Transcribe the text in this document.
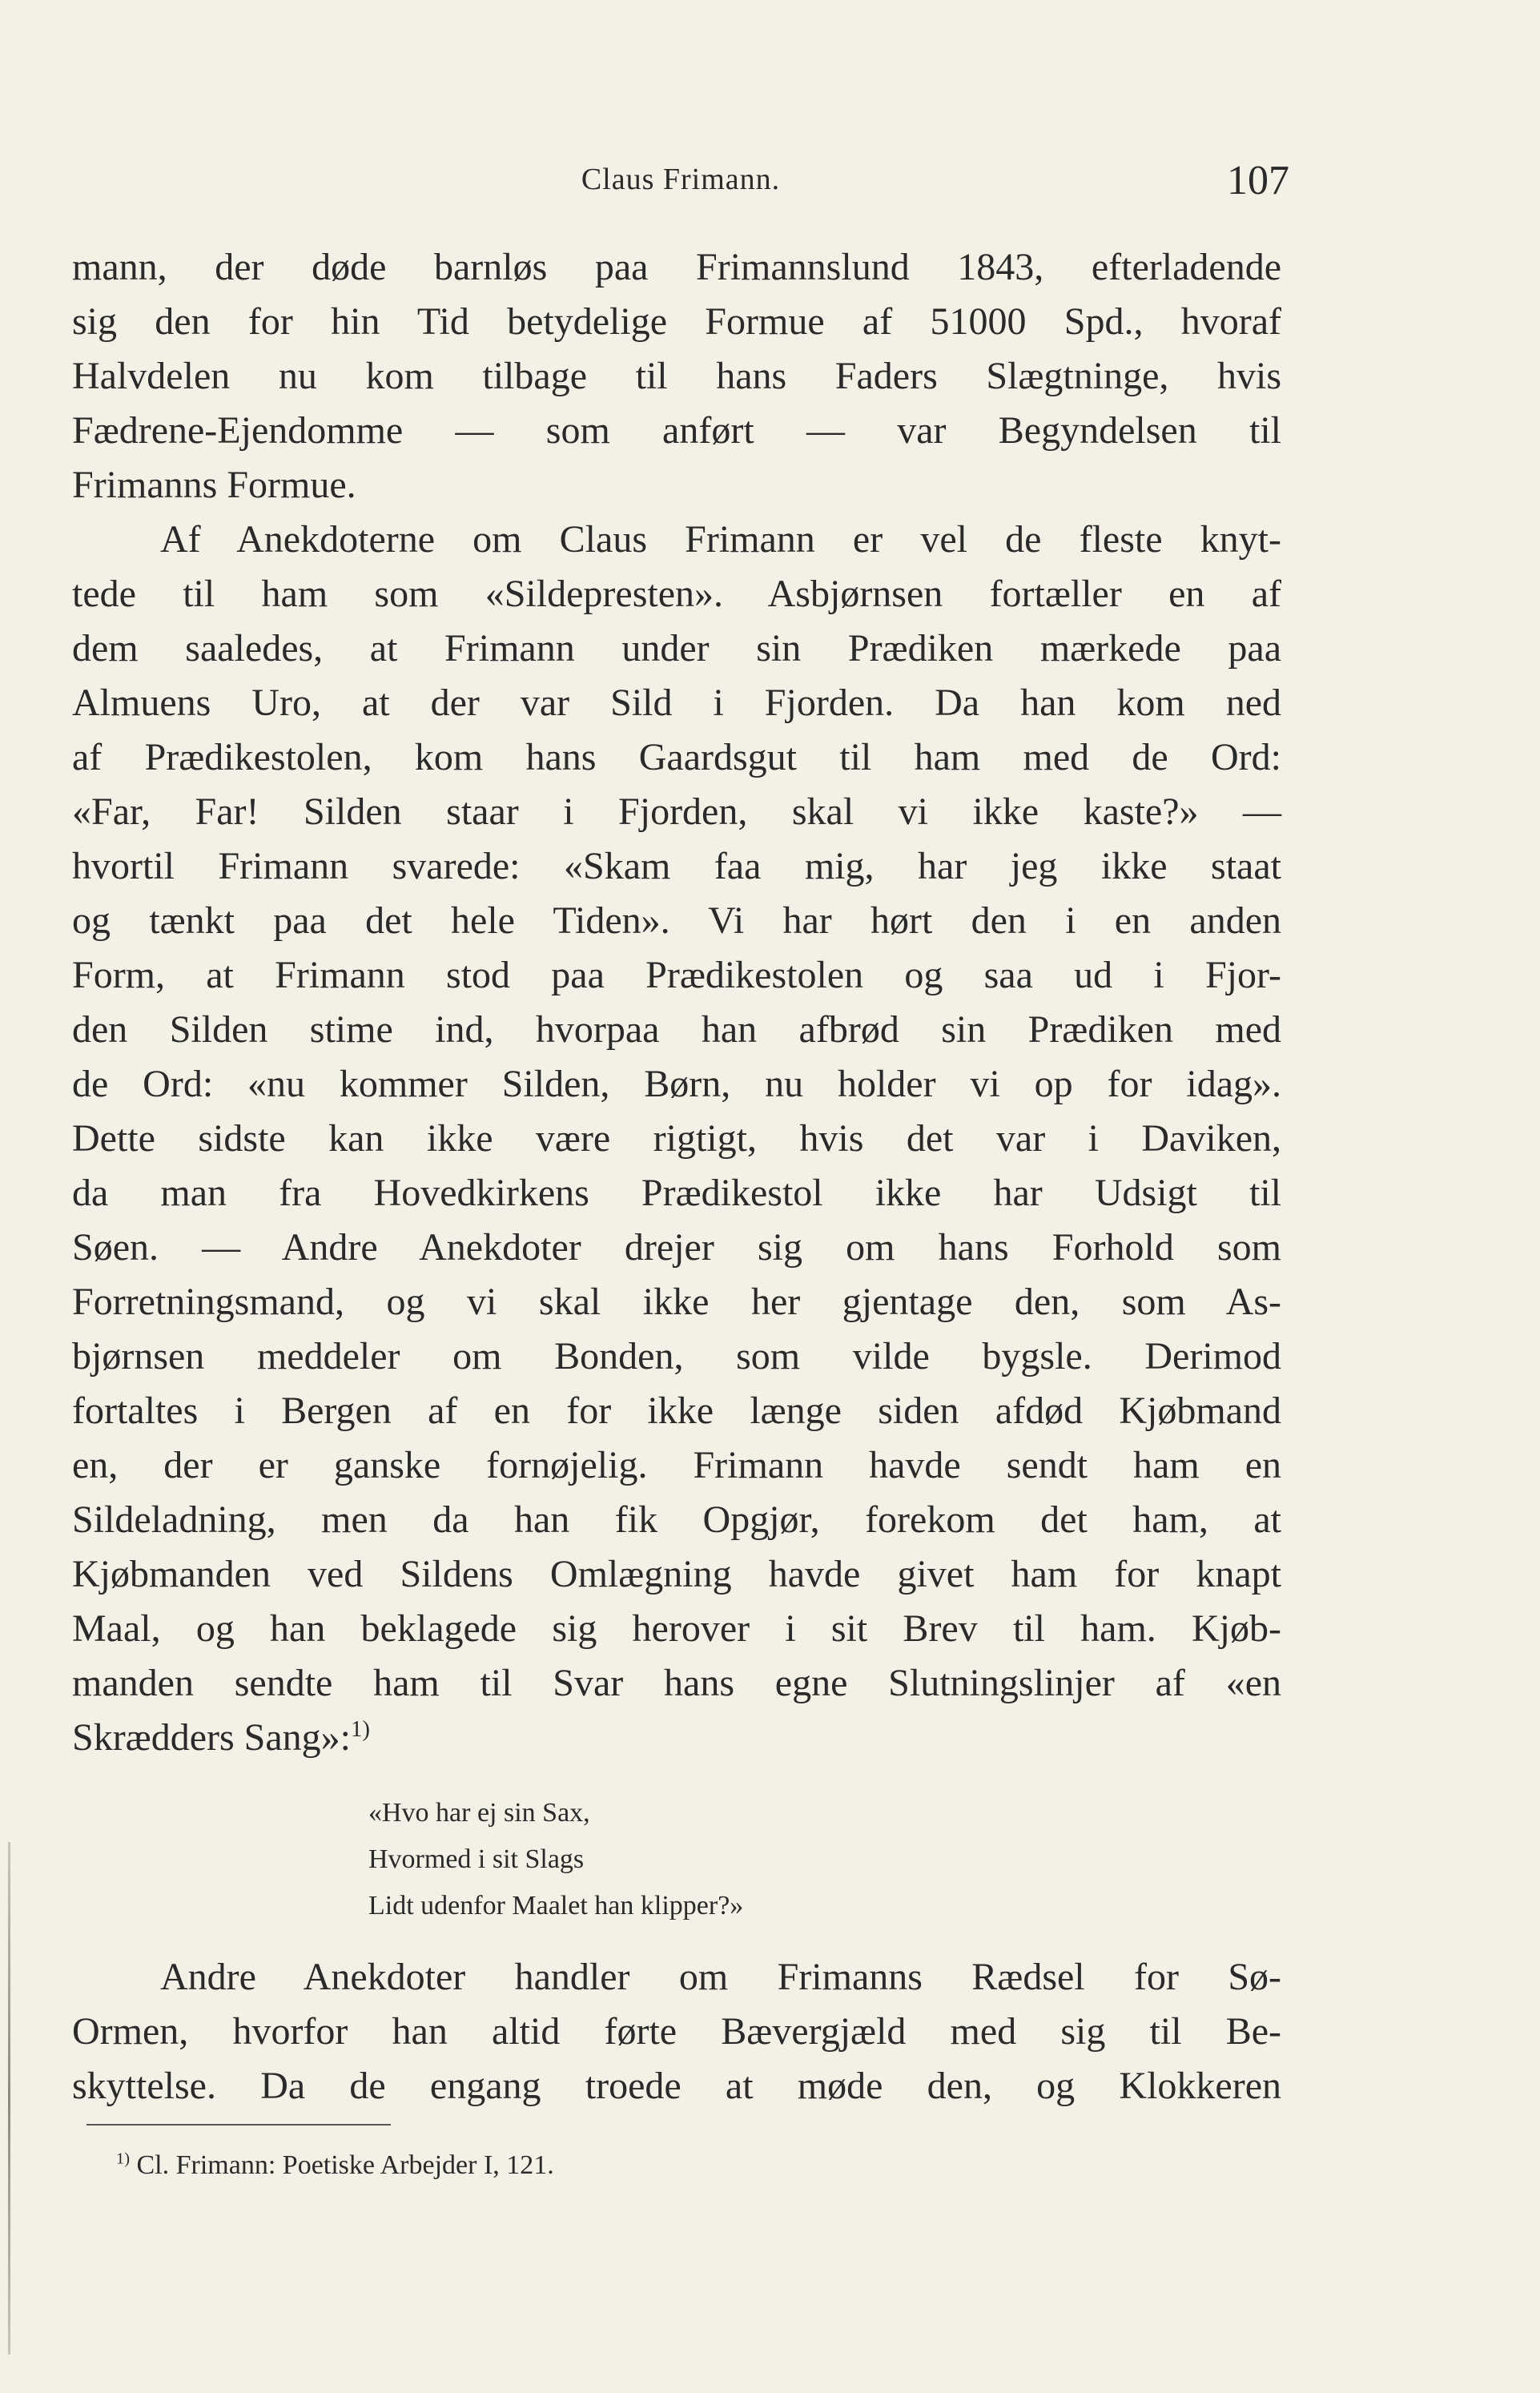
Claus Frimann.	107
mann, der døde barnløs paa Frimannslund 1843, efterladende
sig den for hin Tid betydelige Formue af 51000 Spd., hvoraf
Halvdelen nu kom tilbage til hans Faders Slægtninge, hvis
Fædrene-Ejendomme — som anført — var Begyndelsen til
Frimanns Formue.
Af Anekdoterne om Claus Frimann er vel de fleste knyt-
tede til ham som «Sildepresten». Asbjørnsen fortæller en af
dem saaledes, at Frimann under sin Prædiken mærkede paa
Almuens Uro, at der var Sild i Fjorden. Da han kom ned
af Prædikestolen, kom hans Gaardsgut til ham med de Ord:
«Far, Far! Silden staar i Fjorden, skal vi ikke kaste?» —
hvortil Frimann svarede: «Skam faa mig, har jeg ikke staat
og tænkt paa det hele Tiden». Vi har hørt den i en anden
Form, at Frimann stod paa Prædikestolen og saa ud i Fjor-
den Silden stime ind, hvorpaa han afbrød sin Prædiken med
de Ord: «nu kommer Silden, Børn, nu holder vi op for idag».
Dette sidste kan ikke være rigtigt, hvis det var i Daviken,
da man fra Hovedkirkens Prædikestol ikke har Udsigt til
Søen. — Andre Anekdoter drejer sig om hans Forhold som
Forretningsmand, og vi skal ikke her gjentage den, som As-
bjørnsen meddeler om Bonden, som vilde bygsle. Derimod
fortaltes i Bergen af en for ikke længe siden afdød Kjøbmand
en, der er ganske fornøjelig. Frimann havde sendt ham en
Sildeladning, men da han fik Opgjør, forekom det ham, at
Kjøbmanden ved Sildens Omlægning havde givet ham for knapt
Maal, og han beklagede sig herover i sit Brev til ham. Kjøb-
manden sendte ham til Svar hans egne Slutningslinjer af «en
Skrædders Sang»:$^{1)}$
«Hvo har ej sin Sax,
Hvormed i sit Slags
Lidt udenfor Maalet han klipper?»
Andre Anekdoter handler om Frimanns Rædsel for Sø-
Ormen, hvorfor han altid førte Bævergjæld med sig til Be-
skyttelse. Da de engang troede at møde den, og Klokkeren
$^{1)}$ Cl. Frimann: Poetiske Arbejder I, 121.
